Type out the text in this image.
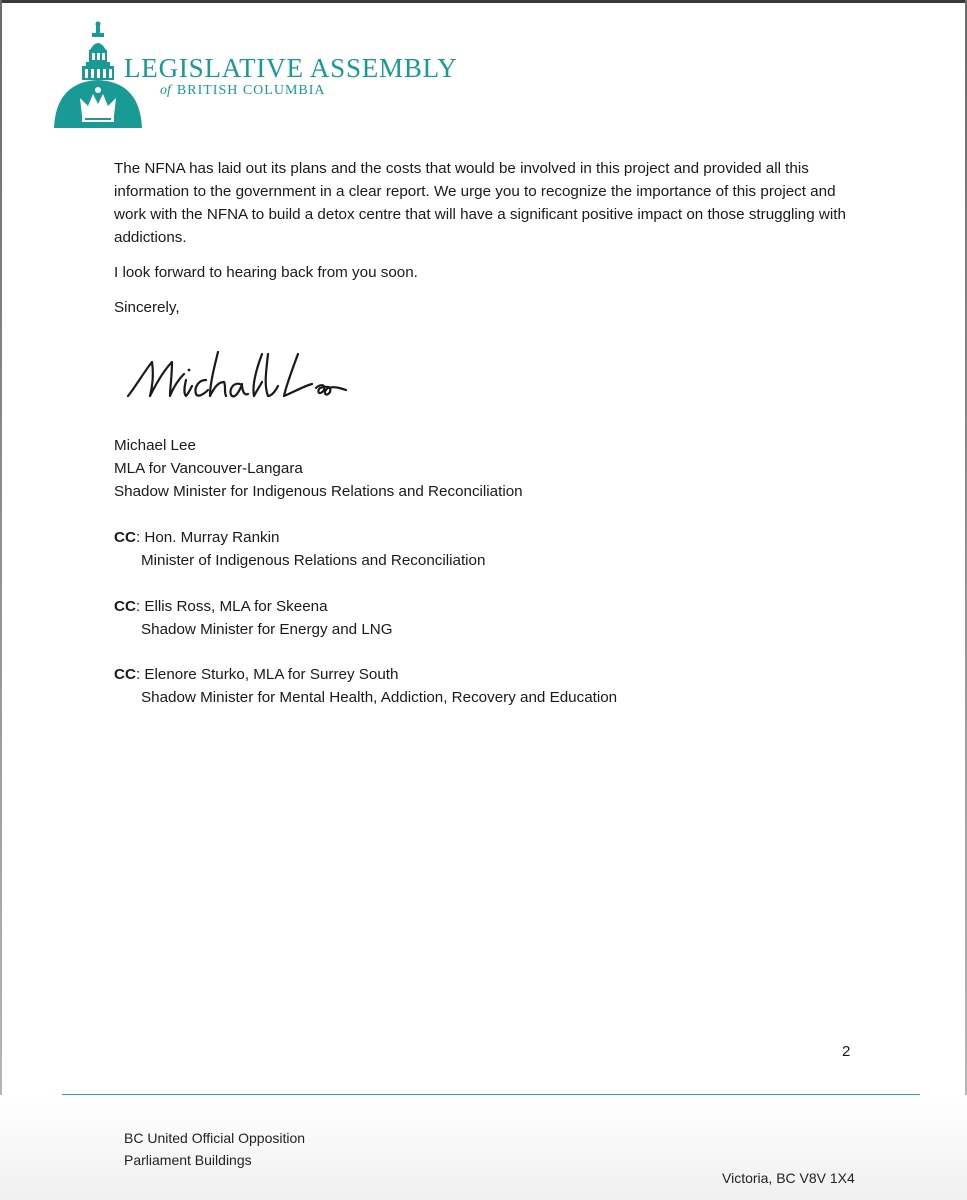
LEGISLATIVE ASSEMBLY
of BRITISH COLUMBIA

The NFNA has laid out its plans and the costs that would be involved in this project and provided all this information to the government in a clear report. We urge you to recognize the importance of this project and work with the NFNA to build a detox centre that will have a significant positive impact on those struggling with addictions.

I look forward to hearing back from you soon.

Sincerely,

Michael Lee
MLA for Vancouver-Langara
Shadow Minister for Indigenous Relations and Reconciliation
CC: Hon. Murray Rankin
Minister of Indigenous Relations and Reconciliation
CC: Ellis Ross, MLA for Skeena
Shadow Minister for Energy and LNG
CC: Elenore Sturko, MLA for Surrey South
Shadow Minister for Mental Health, Addiction, Recovery and Education
2
BC United Official Opposition
Parliament Buildings
Victoria, BC V8V 1X4
